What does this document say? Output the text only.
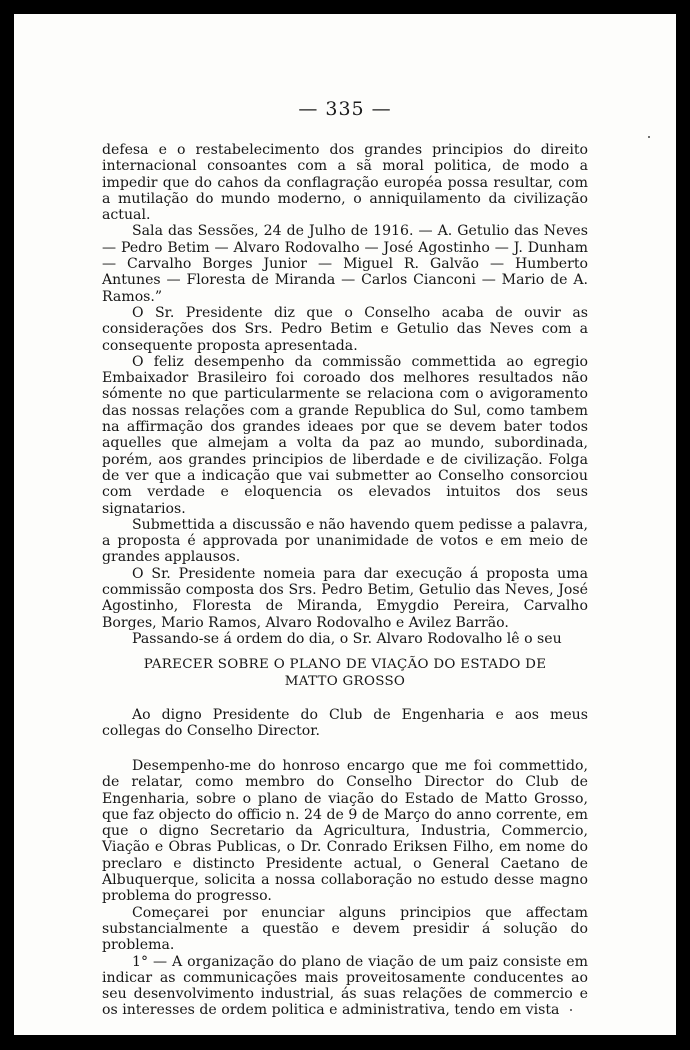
— 335 —

defesa e o restabelecimento dos grandes principios do direito internacional consoantes com a sã moral politica, de modo a impedir que do cahos da conflagração européa possa resultar, com a mutilação do mundo moderno, o anniquilamento da civilização actual.

Sala das Sessões, 24 de Julho de 1916. — A. Getulio das Neves — Pedro Betim — Alvaro Rodovalho — José Agostinho — J. Dunham — Carvalho Borges Junior — Miguel R. Galvão — Humberto Antunes — Floresta de Miranda — Carlos Cianconi — Mario de A. Ramos.”

O Sr. Presidente diz que o Conselho acaba de ouvir as considerações dos Srs. Pedro Betim e Getulio das Neves com a consequente proposta apresentada.

O feliz desempenho da commissão commettida ao egregio Embaixador Brasileiro foi coroado dos melhores resultados não sómente no que particularmente se relaciona com o avigoramento das nossas relações com a grande Republica do Sul, como tambem na affirmação dos grandes ideaes por que se devem bater todos aquelles que almejam a volta da paz ao mundo, subordinada, porém, aos grandes principios de liberdade e de civilização. Folga de ver que a indicação que vai submetter ao Conselho consorciou com verdade e eloquencia os elevados intuitos dos seus signatarios.

Submettida a discussão e não havendo quem pedisse a palavra, a proposta é approvada por unanimidade de votos e em meio de grandes applausos.

O Sr. Presidente nomeia para dar execução á proposta uma commissão composta dos Srs. Pedro Betim, Getulio das Neves, José Agostinho, Floresta de Miranda, Emygdio Pereira, Carvalho Borges, Mario Ramos, Alvaro Rodovalho e Avilez Barrão.

Passando-se á ordem do dia, o Sr. Alvaro Rodovalho lê o seu

PARECER SOBRE O PLANO DE VIAÇÃO DO ESTADO DE
MATTO GROSSO

Ao digno Presidente do Club de Engenharia e aos meus collegas do Conselho Director.

Desempenho-me do honroso encargo que me foi commettido, de relatar, como membro do Conselho Director do Club de Engenharia, sobre o plano de viação do Estado de Matto Grosso, que faz objecto do officio n. 24 de 9 de Março do anno corrente, em que o digno Secretario da Agricultura, Industria, Commercio, Viação e Obras Publicas, o Dr. Conrado Eriksen Filho, em nome do preclaro e distincto Presidente actual, o General Caetano de Albuquerque, solicita a nossa collaboração no estudo desse magno problema do progresso.

Começarei por enunciar alguns principios que affectam substancialmente a questão e devem presidir á solução do problema.

1° — A organização do plano de viação de um paiz consiste em indicar as communicações mais proveitosamente conducentes ao seu desenvolvimento industrial, ás suas relações de commercio e os interesses de ordem politica e administrativa, tendo em vista
